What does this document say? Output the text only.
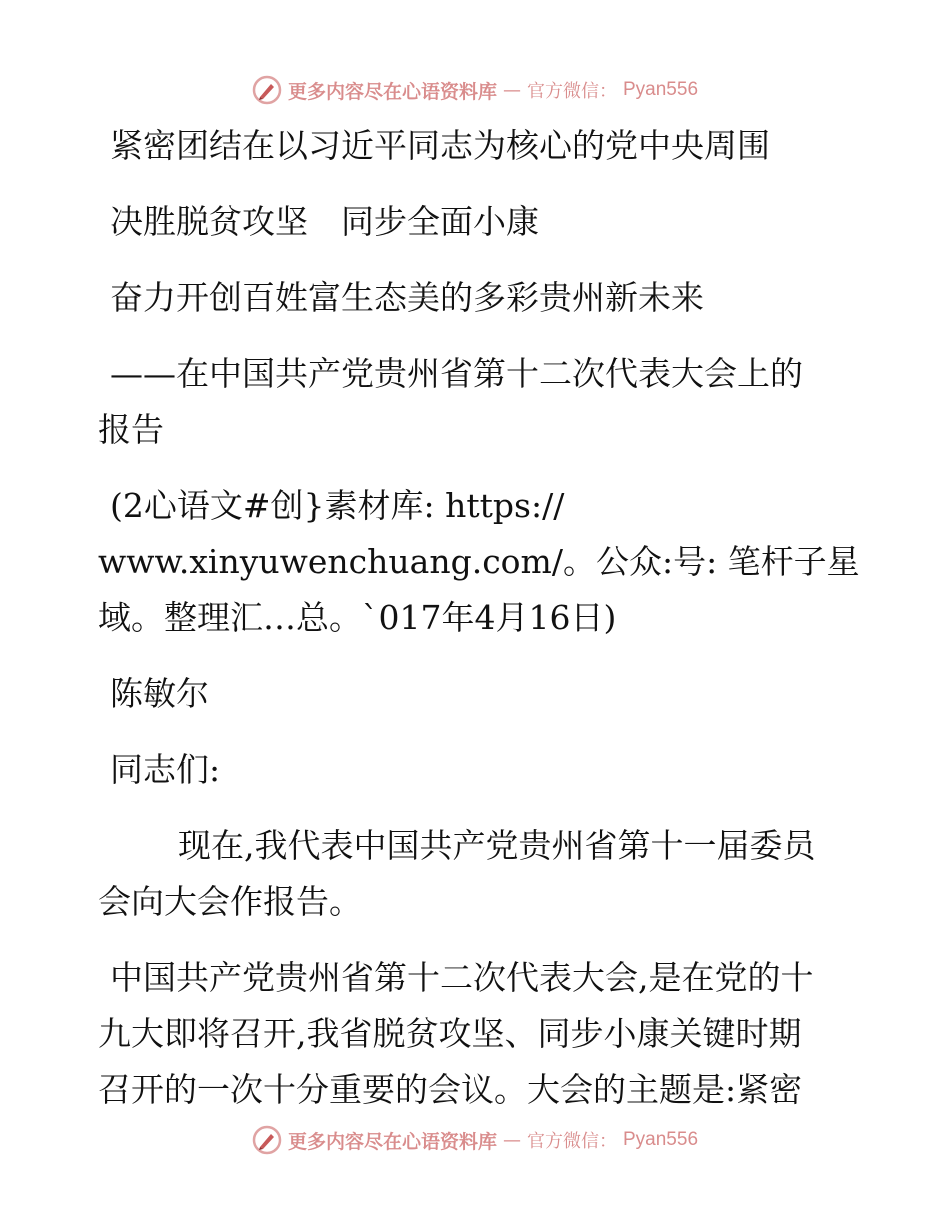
更多内容尽在心语资料库 — 官方微信： Pyan556

紧密团结在以习近平同志为核心的党中央周围

决胜脱贫攻坚　同步全面小康

奋力开创百姓富生态美的多彩贵州新未来

——在中国共产党贵州省第十二次代表大会上的

报告

(2心语文#创}素材库: https://

www.xinyuwenchuang.com/。公众:号: 笔杆子星

域。整理汇…总。`017年4月16日)

陈敏尔

同志们:

现在,我代表中国共产党贵州省第十一届委员

会向大会作报告。

中国共产党贵州省第十二次代表大会,是在党的十

九大即将召开,我省脱贫攻坚、同步小康关键时期

召开的一次十分重要的会议。大会的主题是:紧密

更多内容尽在心语资料库 — 官方微信： Pyan556
